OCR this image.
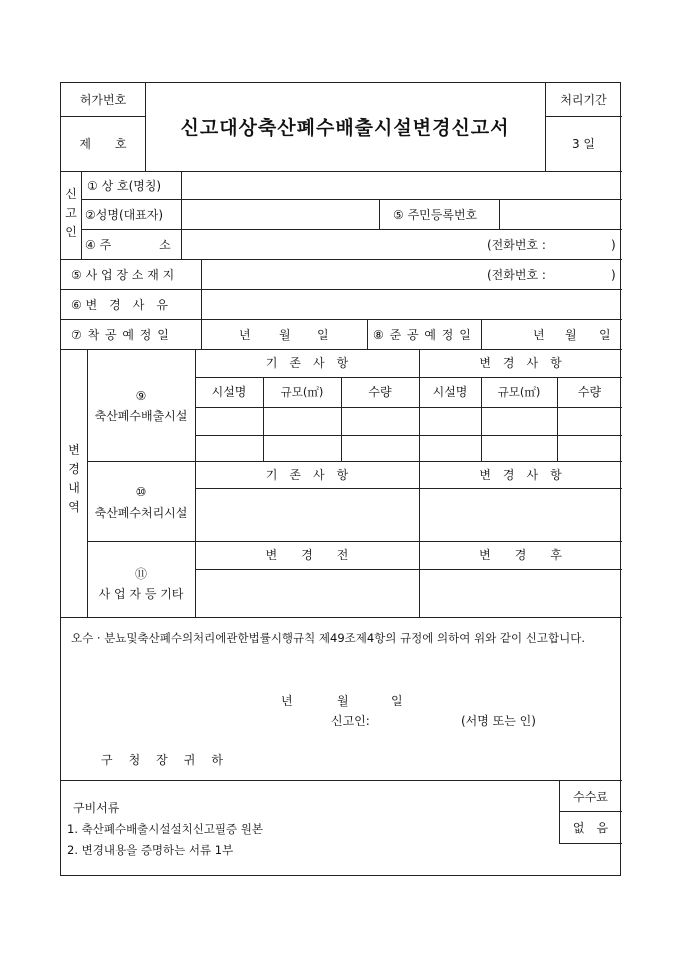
허가번호
제　　호
신고대상축산폐수배출시설변경신고서
처리기간
3 일
신
고
인
① 상 호(명칭)
②성명(대표자)	⑤ 주민등록번호
④ 주　　　　소	(전화번호 :	)
⑤ 사 업 장 소 재 지	(전화번호 :	)
⑥ 변　경　사　유
⑦ 착 공 예 정 일	년 월 일	⑧ 준 공 예 정 일	년 월 일
변
경
내
역
⑨
축산폐수배출시설
기　존　사　항	변　경　사　항
시설명	규모(㎡)	수량	시설명	규모(㎡)	수량
⑩
축산폐수처리시설
기　존　사　항	변　경　사　항
⑪
사 업 자 등 기타
변　　경　　전	변　　경　　후
오수 · 분뇨및축산폐수의처리에관한법률시행규칙 제49조제4항의 규정에 의하여 위와 같이 신고합니다.
년	월	일
신고인:	(서명 또는 인)
구　청　장　귀　하
구비서류
1. 축산폐수배출시설설치신고필증 원본
2. 변경내용을 증명하는 서류 1부
수수료
없　음
